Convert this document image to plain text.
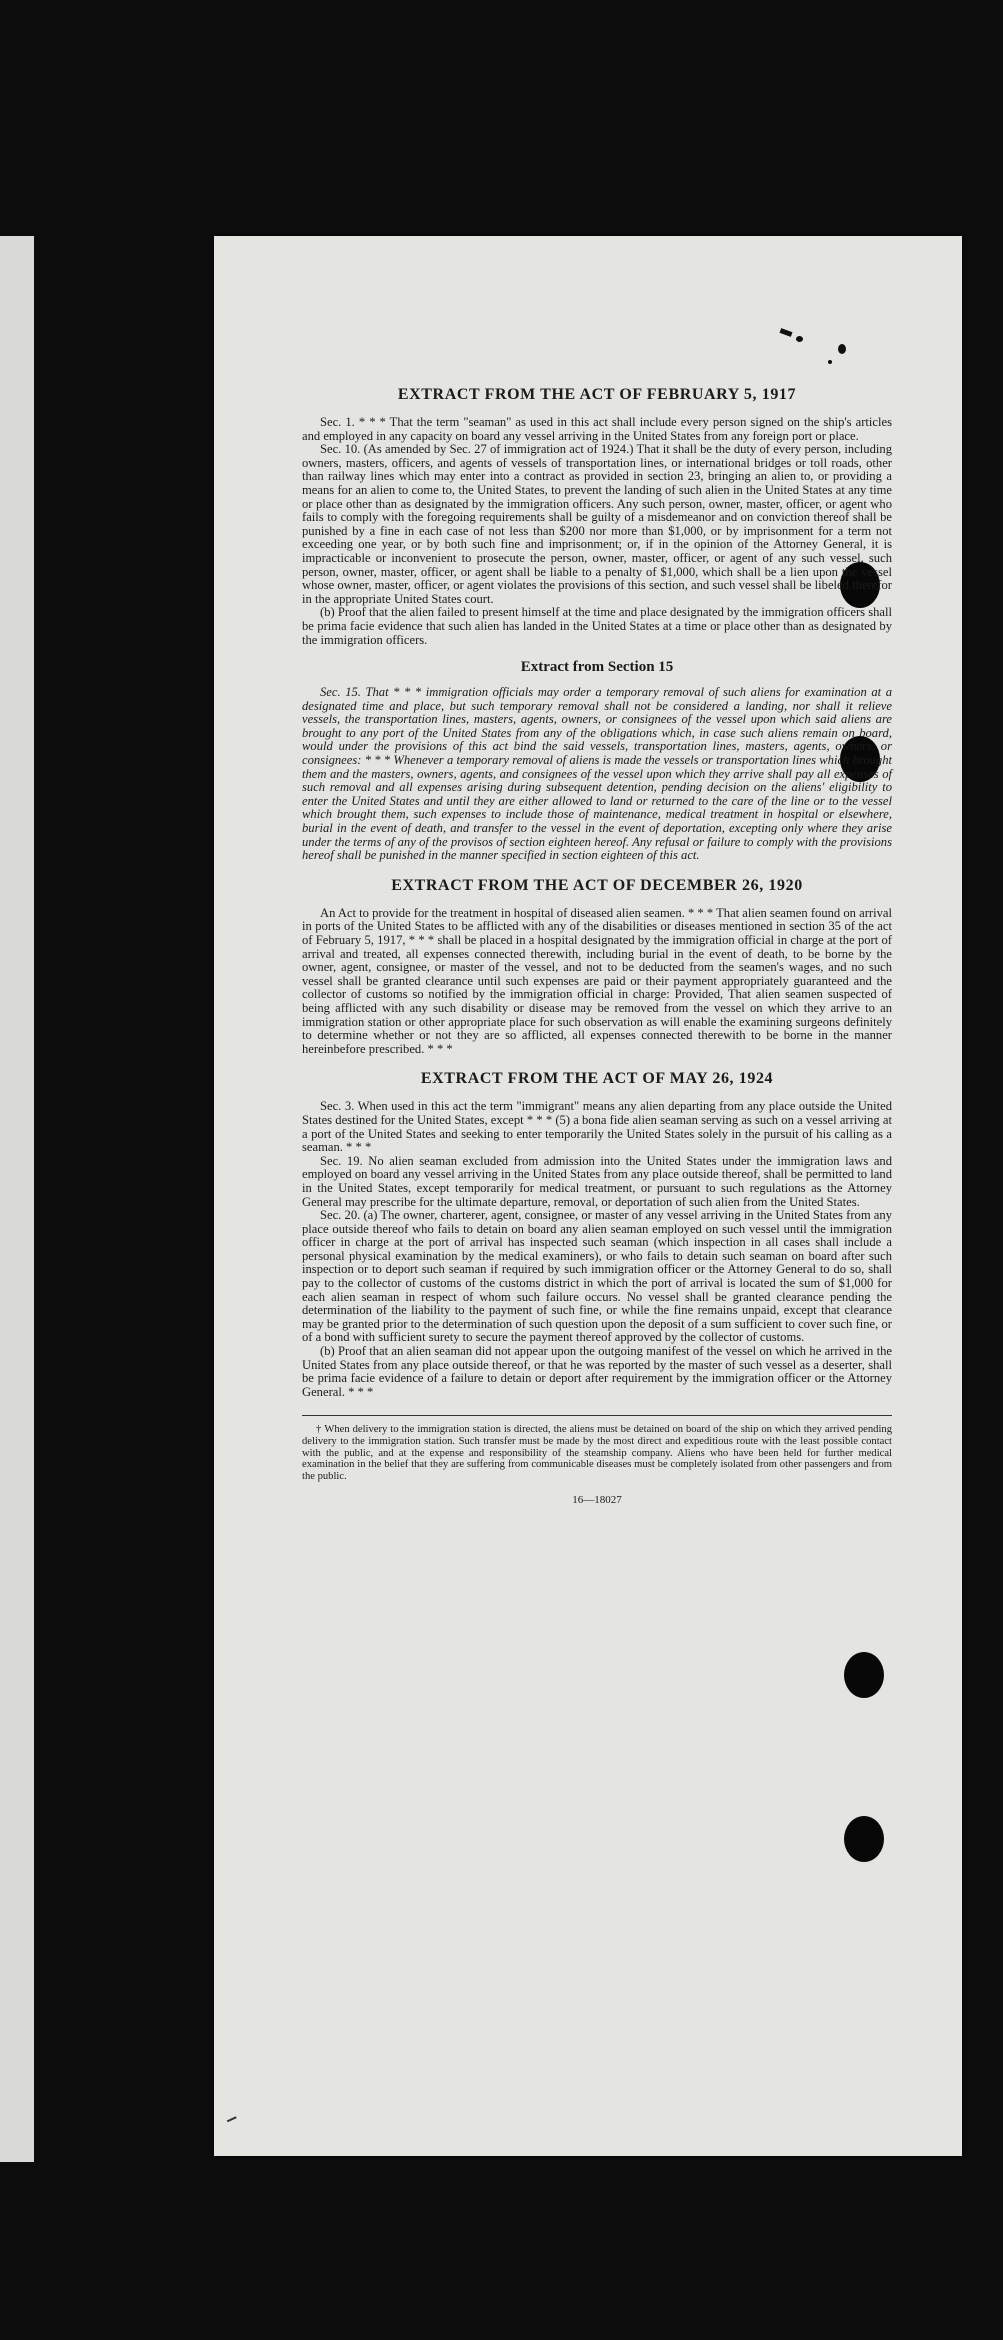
EXTRACT FROM THE ACT OF FEBRUARY 5, 1917

Sec. 1. * * * That the term "seaman" as used in this act shall include every person signed on the ship's articles and employed in any capacity on board any vessel arriving in the United States from any foreign port or place.

Sec. 10. (As amended by Sec. 27 of immigration act of 1924.) That it shall be the duty of every person, including owners, masters, officers, and agents of vessels of transportation lines, or international bridges or toll roads, other than railway lines which may enter into a contract as provided in section 23, bringing an alien to, or providing a means for an alien to come to, the United States, to prevent the landing of such alien in the United States at any time or place other than as designated by the immigration officers. Any such person, owner, master, officer, or agent who fails to comply with the foregoing requirements shall be guilty of a misdemeanor and on conviction thereof shall be punished by a fine in each case of not less than $200 nor more than $1,000, or by imprisonment for a term not exceeding one year, or by both such fine and imprisonment; or, if in the opinion of the Attorney General, it is impracticable or inconvenient to prosecute the person, owner, master, officer, or agent of any such vessel, such person, owner, master, officer, or agent shall be liable to a penalty of $1,000, which shall be a lien upon the vessel whose owner, master, officer, or agent violates the provisions of this section, and such vessel shall be libeled therefor in the appropriate United States court.

(b) Proof that the alien failed to present himself at the time and place designated by the immigration officers shall be prima facie evidence that such alien has landed in the United States at a time or place other than as designated by the immigration officers.

Extract from Section 15

Sec. 15. That * * * immigration officials may order a temporary removal of such aliens for examination at a designated time and place, but such temporary removal shall not be considered a landing, nor shall it relieve vessels, the transportation lines, masters, agents, owners, or consignees of the vessel upon which said aliens are brought to any port of the United States from any of the obligations which, in case such aliens remain on board, would under the provisions of this act bind the said vessels, transportation lines, masters, agents, owners, or consignees: * * * Whenever a temporary removal of aliens is made the vessels or transportation lines which brought them and the masters, owners, agents, and consignees of the vessel upon which they arrive shall pay all expenses of such removal and all expenses arising during subsequent detention, pending decision on the aliens' eligibility to enter the United States and until they are either allowed to land or returned to the care of the line or to the vessel which brought them, such expenses to include those of maintenance, medical treatment in hospital or elsewhere, burial in the event of death, and transfer to the vessel in the event of deportation, excepting only where they arise under the terms of any of the provisos of section eighteen hereof. Any refusal or failure to comply with the provisions hereof shall be punished in the manner specified in section eighteen of this act.

EXTRACT FROM THE ACT OF DECEMBER 26, 1920

An Act to provide for the treatment in hospital of diseased alien seamen. * * * That alien seamen found on arrival in ports of the United States to be afflicted with any of the disabilities or diseases mentioned in section 35 of the act of February 5, 1917, * * * shall be placed in a hospital designated by the immigration official in charge at the port of arrival and treated, all expenses connected therewith, including burial in the event of death, to be borne by the owner, agent, consignee, or master of the vessel, and not to be deducted from the seamen's wages, and no such vessel shall be granted clearance until such expenses are paid or their payment appropriately guaranteed and the collector of customs so notified by the immigration official in charge: Provided, That alien seamen suspected of being afflicted with any such disability or disease may be removed from the vessel on which they arrive to an immigration station or other appropriate place for such observation as will enable the examining surgeons definitely to determine whether or not they are so afflicted, all expenses connected therewith to be borne in the manner hereinbefore prescribed. * * *

EXTRACT FROM THE ACT OF MAY 26, 1924

Sec. 3. When used in this act the term "immigrant" means any alien departing from any place outside the United States destined for the United States, except * * * (5) a bona fide alien seaman serving as such on a vessel arriving at a port of the United States and seeking to enter temporarily the United States solely in the pursuit of his calling as a seaman. * * *

Sec. 19. No alien seaman excluded from admission into the United States under the immigration laws and employed on board any vessel arriving in the United States from any place outside thereof, shall be permitted to land in the United States, except temporarily for medical treatment, or pursuant to such regulations as the Attorney General may prescribe for the ultimate departure, removal, or deportation of such alien from the United States.

Sec. 20. (a) The owner, charterer, agent, consignee, or master of any vessel arriving in the United States from any place outside thereof who fails to detain on board any alien seaman employed on such vessel until the immigration officer in charge at the port of arrival has inspected such seaman (which inspection in all cases shall include a personal physical examination by the medical examiners), or who fails to detain such seaman on board after such inspection or to deport such seaman if required by such immigration officer or the Attorney General to do so, shall pay to the collector of customs of the customs district in which the port of arrival is located the sum of $1,000 for each alien seaman in respect of whom such failure occurs. No vessel shall be granted clearance pending the determination of the liability to the payment of such fine, or while the fine remains unpaid, except that clearance may be granted prior to the determination of such question upon the deposit of a sum sufficient to cover such fine, or of a bond with sufficient surety to secure the payment thereof approved by the collector of customs.

(b) Proof that an alien seaman did not appear upon the outgoing manifest of the vessel on which he arrived in the United States from any place outside thereof, or that he was reported by the master of such vessel as a deserter, shall be prima facie evidence of a failure to detain or deport after requirement by the immigration officer or the Attorney General. * * *

† When delivery to the immigration station is directed, the aliens must be detained on board of the ship on which they arrived pending delivery to the immigration station. Such transfer must be made by the most direct and expeditious route with the least possible contact with the public, and at the expense and responsibility of the steamship company. Aliens who have been held for further medical examination in the belief that they are suffering from communicable diseases must be completely isolated from other passengers and from the public.

16—18027
